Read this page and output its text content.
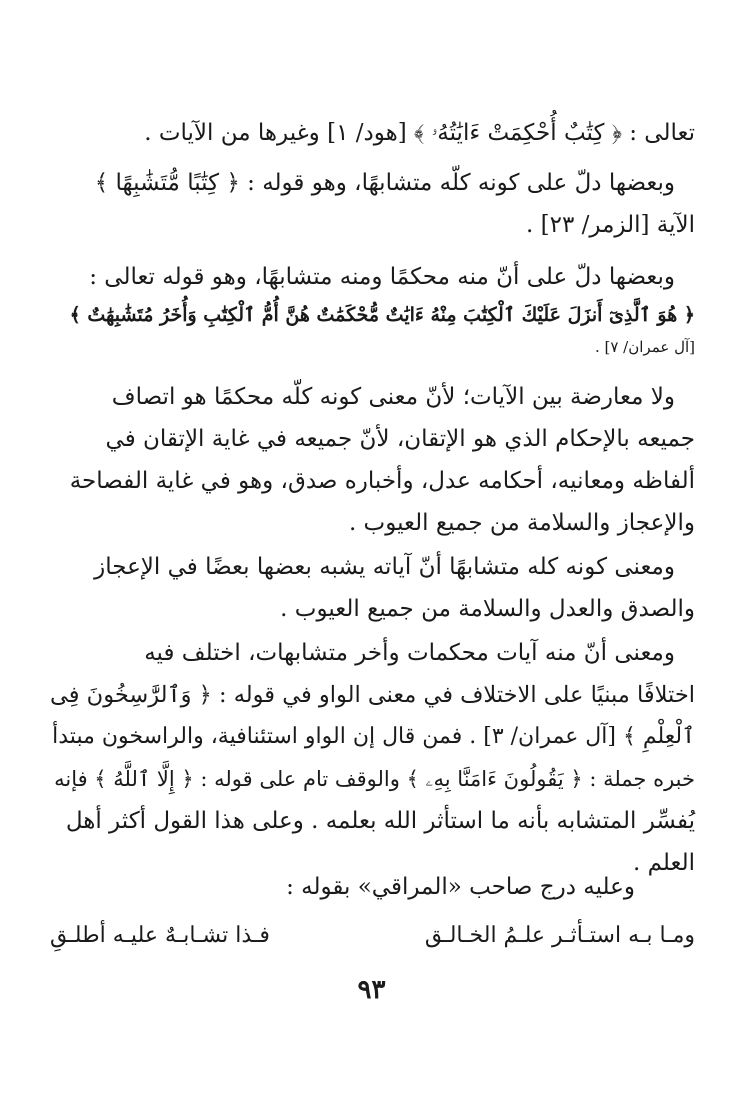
تعالى : ﴿ كِتَٰبٌ أُحْكِمَتْ ءَايَٰتُهُۥ ﴾ [هود/ ١] وغيرها من الآيات .
وبعضها دلّ على كونه كلّه متشابهًا، وهو قوله : ﴿ كِتَٰبًا مُّتَشَٰبِهًا ﴾
الآية [الزمر/ ٢٣] .
وبعضها دلّ على أنّ منه محكمًا ومنه متشابهًا، وهو قوله تعالى :
﴿ هُوَ ٱلَّذِىٓ أَنزَلَ عَلَيْكَ ٱلْكِتَٰبَ مِنْهُ ءَايَٰتٌ مُّحْكَمَٰتٌ هُنَّ أُمُّ ٱلْكِتَٰبِ وَأُخَرُ مُتَشَٰبِهَٰتٌ ﴾
[آل عمران/ ٧] .
ولا معارضة بين الآيات؛ لأنّ معنى كونه كلّه محكمًا هو اتصاف
جميعه بالإحكام الذي هو الإتقان، لأنّ جميعه في غاية الإتقان في
ألفاظه ومعانيه، أحكامه عدل، وأخباره صدق، وهو في غاية الفصاحة
والإعجاز والسلامة من جميع العيوب .
ومعنى كونه كله متشابهًا أنّ آياته يشبه بعضها بعضًا في الإعجاز
والصدق والعدل والسلامة من جميع العيوب .
ومعنى أنّ منه آيات محكمات وأخر متشابهات، اختلف فيه
اختلافًا مبنيًا على الاختلاف في معنى الواو في قوله : ﴿ وَٱلرَّٰسِخُونَ فِى
ٱلْعِلْمِ ﴾ [آل عمران/ ٣] . فمن قال إن الواو استئنافية، والراسخون مبتدأ
خبره جملة : ﴿ يَقُولُونَ ءَامَنَّا بِهِۦ ﴾ والوقف تام على قوله : ﴿ إِلَّا ٱللَّهُ ﴾ فإنه
يُفسِّر المتشابه بأنه ما استأثر الله بعلمه . وعلى هذا القول أكثر أهل
العلم .
وعليه درج صاحب «المراقي» بقوله :
ومـا بـه استـأثـر علـمُ الخـالـق
فـذا تشـابـهٌ عليـه أطلـقِ
٩٣
